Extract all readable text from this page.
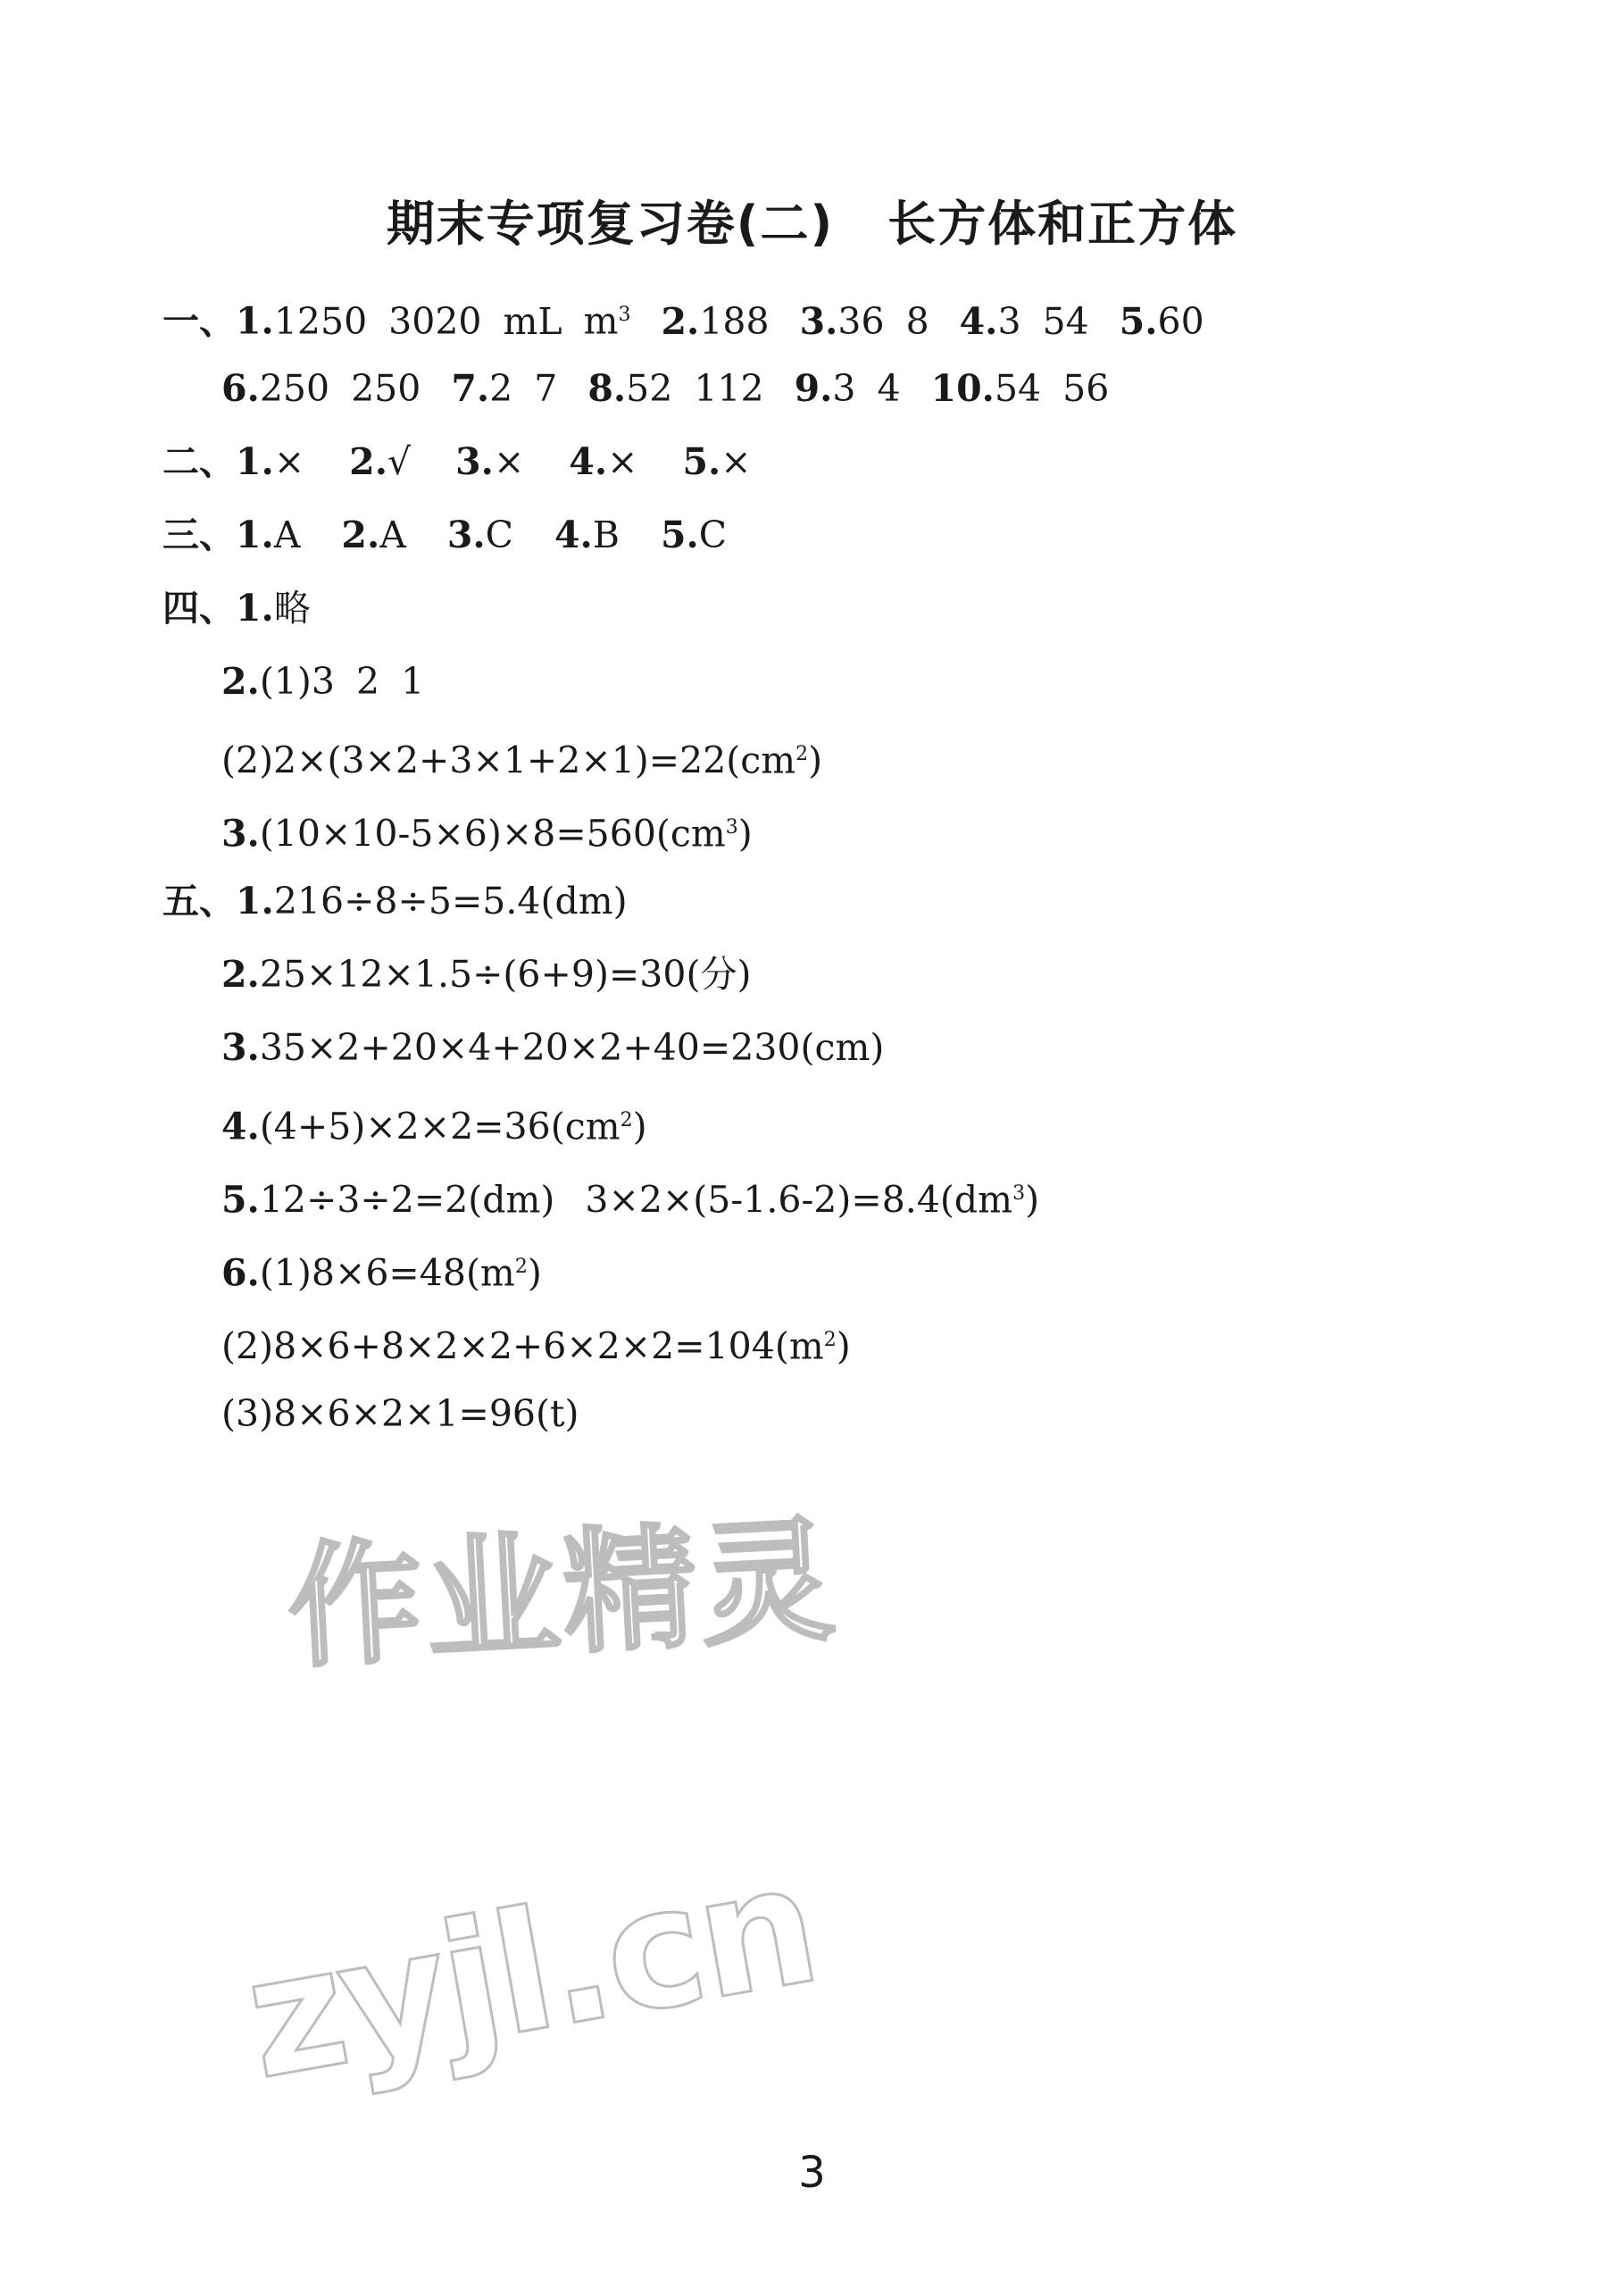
期末专项复习卷(二) 长方体和正方体
一、1.1250 3020 mL $m^3$ 2.188 3.36 8 4.3 54 5.60
6.250 250 7.2 7 8.52 112 9.3 4 10.54 56
二、1.× 2.√ 3.× 4.× 5.×
三、1.A 2.A 3.C 4.B 5.C
四、1.略
2.(1)3 2 1
$(2)2\times(3\times 2+3\times 1+2\times 1)=22(cm^2)$
$3.(10\times 10-5\times 6)\times 8=560(cm^3)$
五、1.216÷8÷5=5.4(dm)
2.25×12×1.5÷(6+9)=30(分)
3.35×2+20×4+20×2+40=230(cm)
$4.(4+5)\times 2\times 2=36(cm^2)$
5.12÷3÷2=2(dm) $3\times 2\times(5-1.6-2)=8.4(dm^3)$
$6.(1)8\times 6=48(m^2)$
$(2)8\times 6+8\times 2\times 2+6\times 2\times 2=104(m^2)$
(3)8×6×2×1=96(t)
作业精灵
zyjl.cn
3
